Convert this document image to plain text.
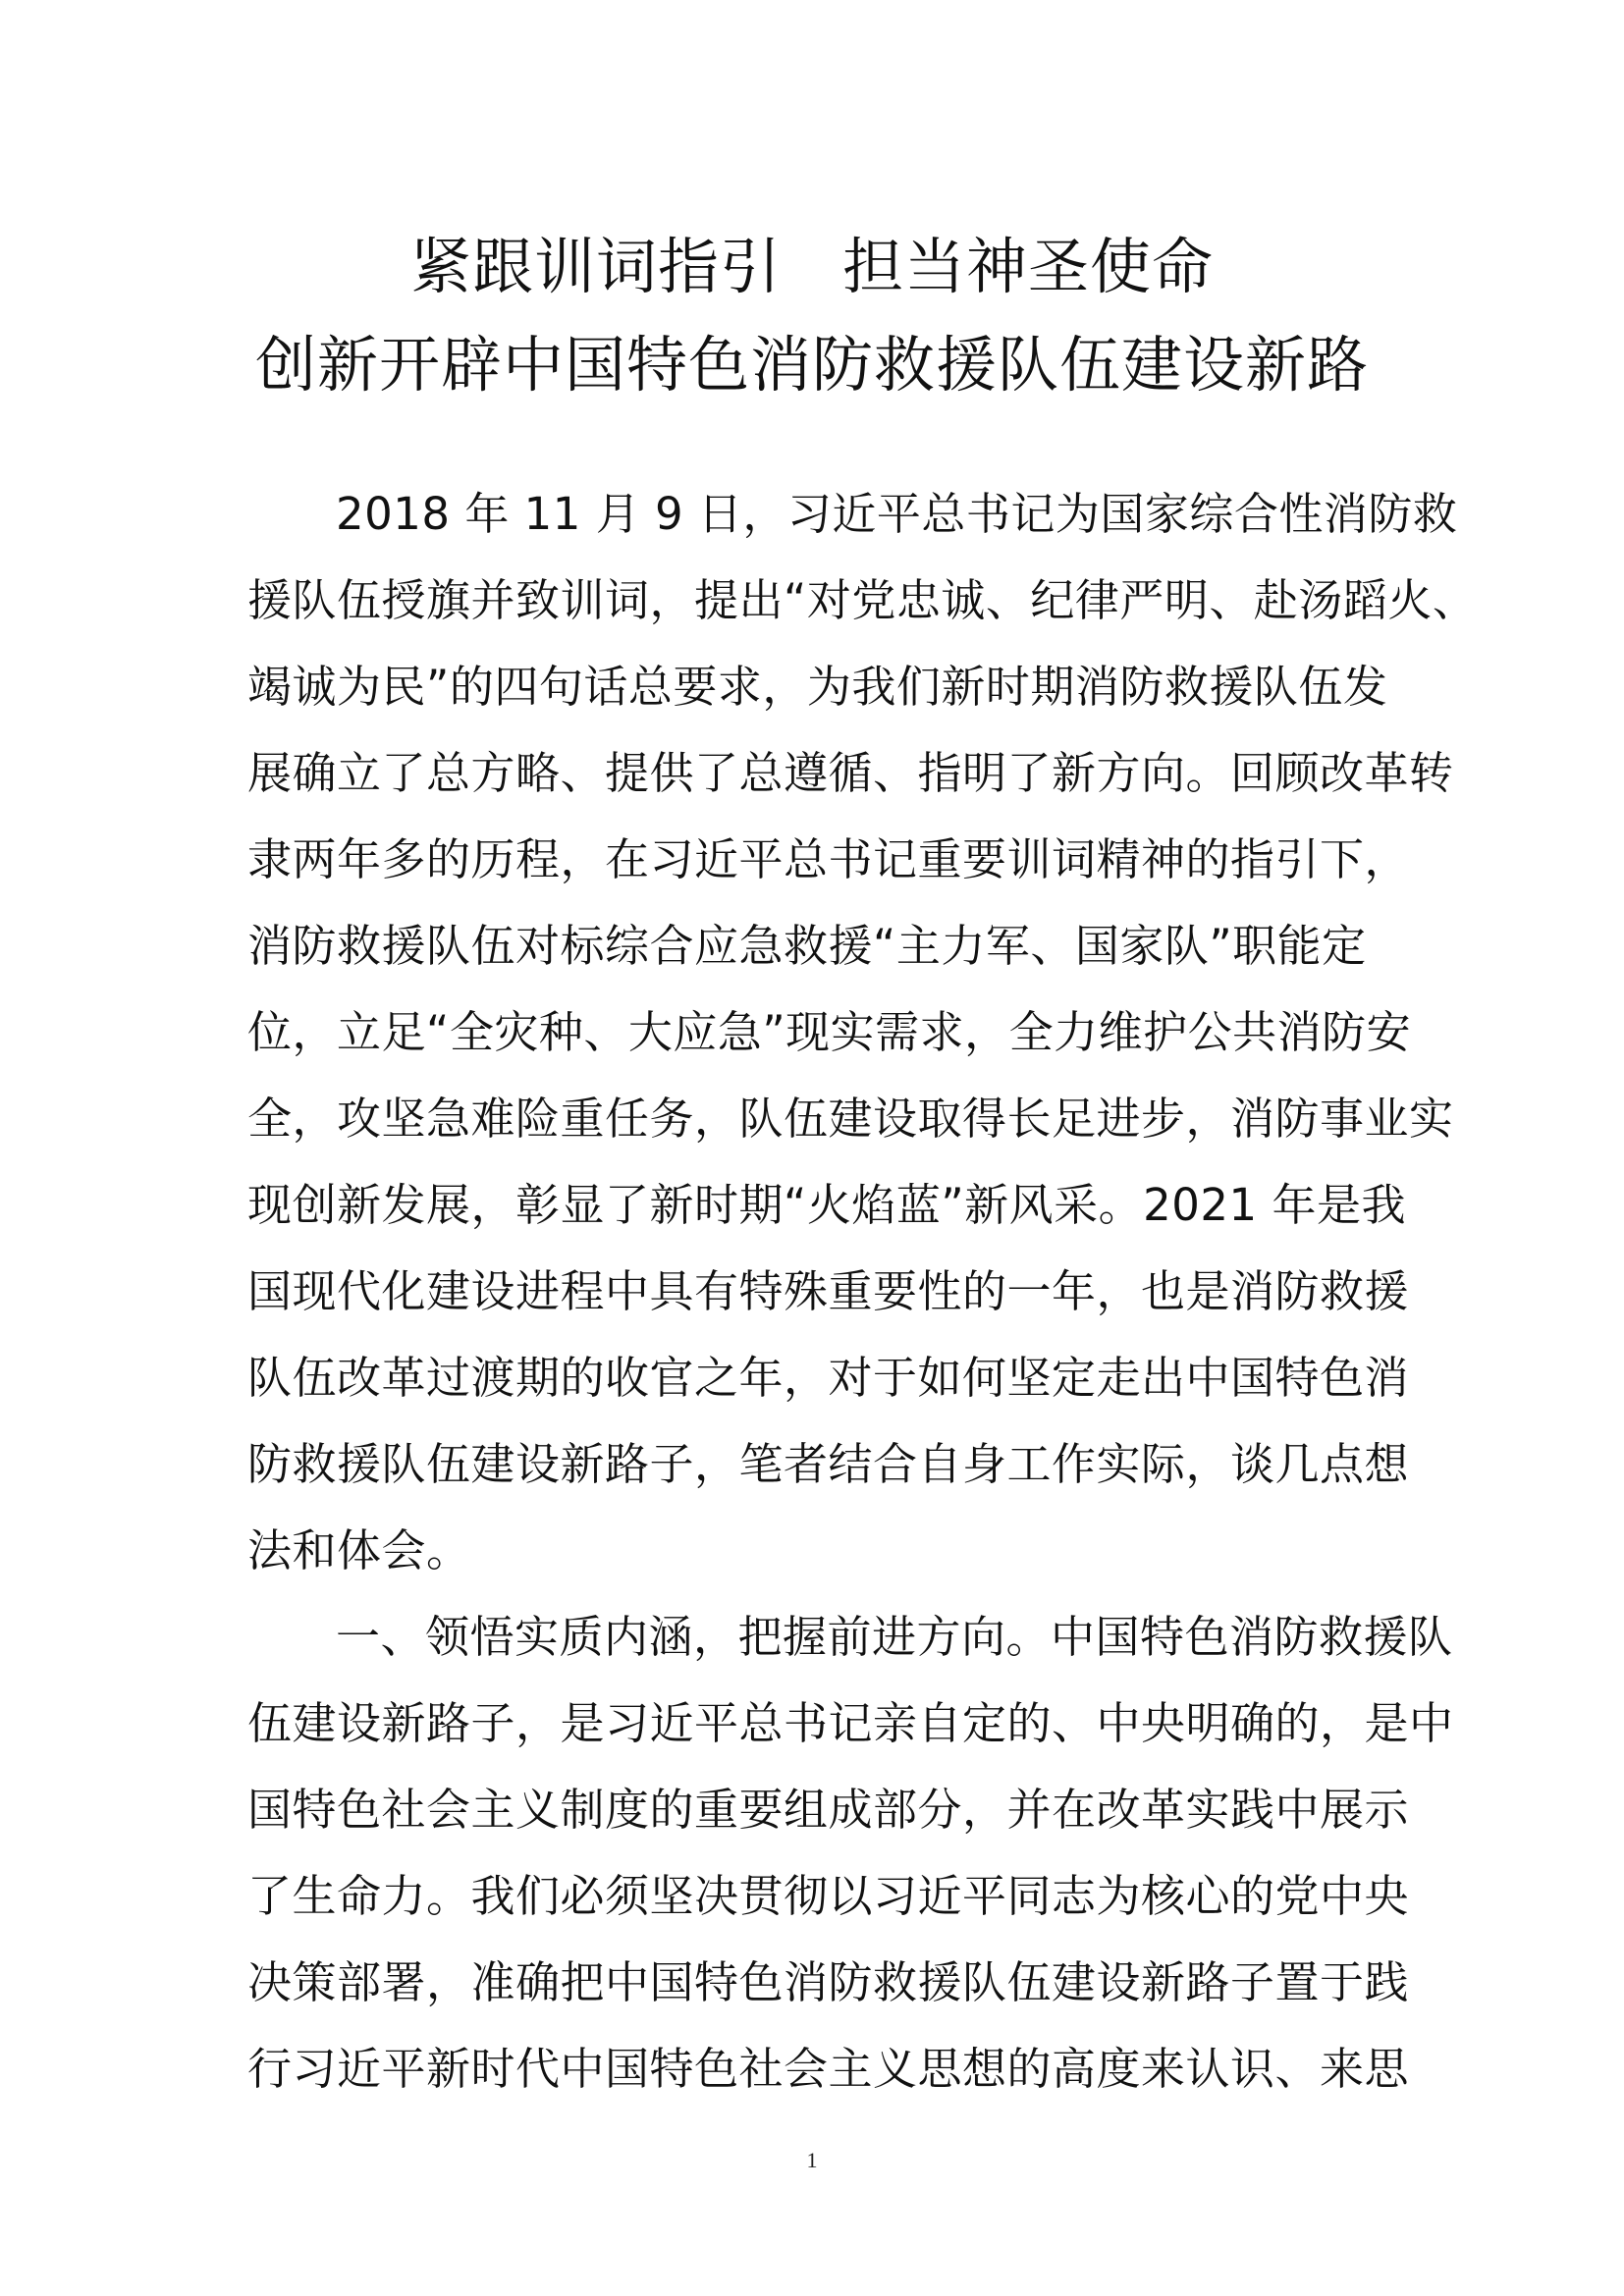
紧跟训词指引   担当神圣使命
创新开辟中国特色消防救援队伍建设新路
2018 年 11 月 9 日，习近平总书记为国家综合性消防救
援队伍授旗并致训词，提出“对党忠诚、纪律严明、赴汤蹈火、
竭诚为民”的四句话总要求，为我们新时期消防救援队伍发
展确立了总方略、提供了总遵循、指明了新方向。回顾改革转
隶两年多的历程，在习近平总书记重要训词精神的指引下，
消防救援队伍对标综合应急救援“主力军、国家队”职能定
位，立足“全灾种、大应急”现实需求，全力维护公共消防安
全，攻坚急难险重任务，队伍建设取得长足进步，消防事业实
现创新发展，彰显了新时期“火焰蓝”新风采。2021 年是我
国现代化建设进程中具有特殊重要性的一年，也是消防救援
队伍改革过渡期的收官之年，对于如何坚定走出中国特色消
防救援队伍建设新路子，笔者结合自身工作实际，谈几点想
法和体会。
一、领悟实质内涵，把握前进方向。中国特色消防救援队
伍建设新路子，是习近平总书记亲自定的、中央明确的，是中
国特色社会主义制度的重要组成部分，并在改革实践中展示
了生命力。我们必须坚决贯彻以习近平同志为核心的党中央
决策部署，准确把中国特色消防救援队伍建设新路子置于践
行习近平新时代中国特色社会主义思想的高度来认识、来思
1
